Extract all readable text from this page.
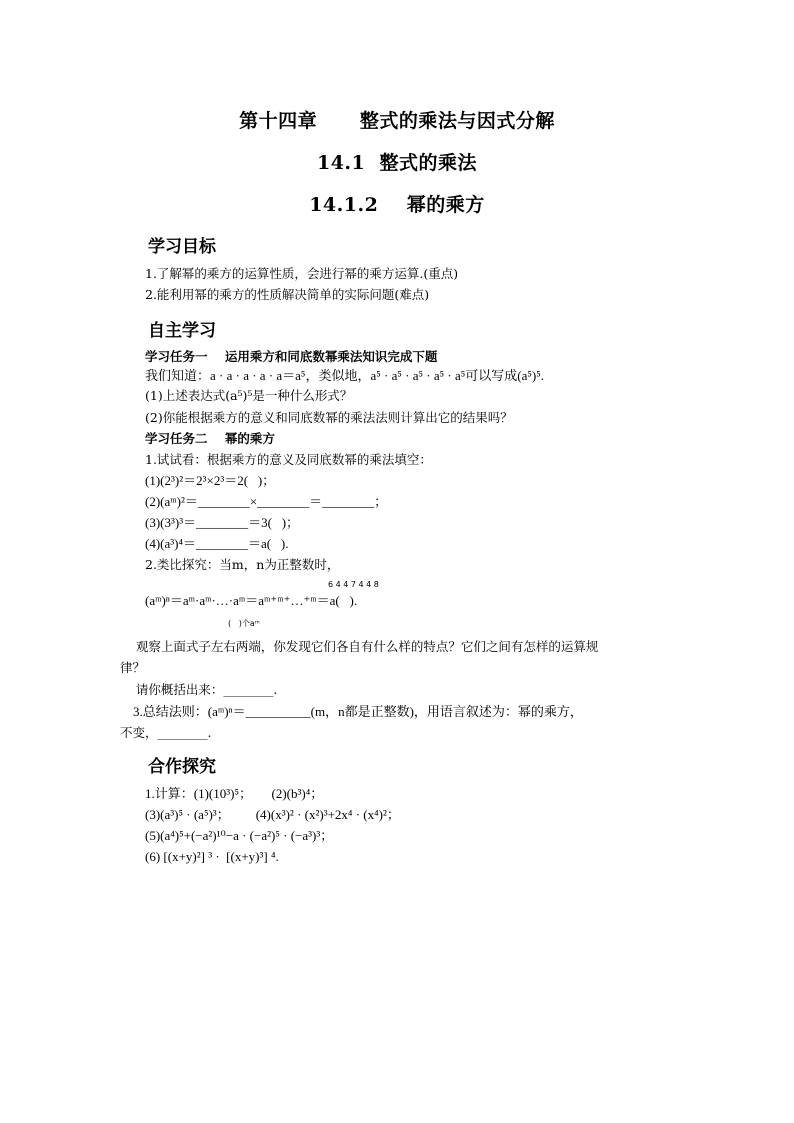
第十四章      整式的乘法与因式分解
14.1  整式的乘法
14.1.2    幂的乘方
学习目标
1.了解幂的乘方的运算性质，会进行幂的乘方运算.(重点)
2.能利用幂的乘方的性质解决简单的实际问题(难点)
自主学习
学习任务一    运用乘方和同底数幂乘法知识完成下题
我们知道：a · a · a · a · a＝a⁵，类似地，a⁵ · a⁵ · a⁵ · a⁵ · a⁵可以写成(a⁵)⁵.
(1)上述表达式(a⁵)⁵是一种什么形式？
(2)你能根据乘方的意义和同底数幂的乘法法则计算出它的结果吗？
学习任务二    幂的乘方
1.试试看：根据乘方的意义及同底数幂的乘法填空：
(1)(2³)²＝2³×2³＝2(   )；
(2)(aᵐ)²＝________×________＝________；
(3)(3³)³＝________＝3(   )；
(4)(a³)⁴＝________＝a(   ).
2.类比探究：当m，n为正整数时，
6 4 4 7 4 4 8
(aᵐ)ⁿ＝aᵐ·aᵐ·…·aᵐ＝aᵐ⁺ᵐ⁺…⁺ᵐ＝a(   ).
(   )个aᵐ
观察上面式子左右两端，你发现它们各自有什么样的特点？它们之间有怎样的运算规
律？
请你概括出来：________.
3.总结法则：(aᵐ)ⁿ＝__________(m，n都是正整数)，用语言叙述为：幂的乘方，
不变，________.
合作探究
1.计算：(1)(10³)⁵；      (2)(b³)⁴；
(3)(a³)⁵ · (a⁵)³；        (4)(x³)² · (x²)³+2x⁴ · (x⁴)²；
(5)(a⁴)⁵+(−a²)¹⁰−a · (−a²)⁵ · (−a³)³；
(6) [(x+y)²] ³ ·  [(x+y)³] ⁴.
